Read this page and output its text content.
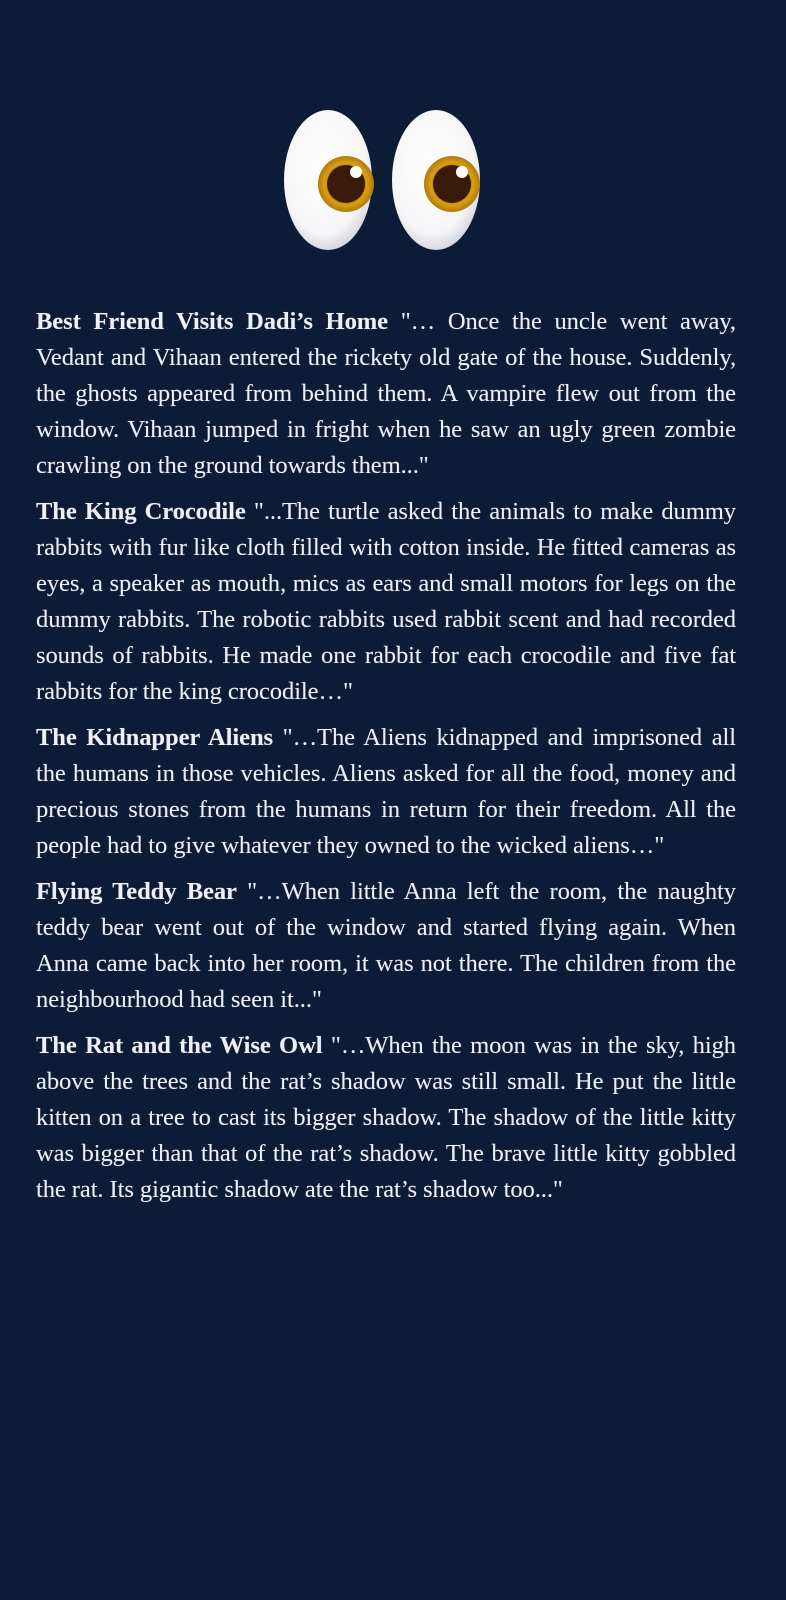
Best Friend Visits Dadi’s Home "… Once the uncle went away, Vedant and Vihaan entered the rickety old gate of the house. Suddenly, the ghosts appeared from behind them. A vampire flew out from the window. Vihaan jumped in fright when he saw an ugly green zombie crawling on the ground towards them..."

The King Crocodile "...The turtle asked the animals to make dummy rabbits with fur like cloth filled with cotton inside. He fitted cameras as eyes, a speaker as mouth, mics as ears and small motors for legs on the dummy rabbits. The robotic rabbits used rabbit scent and had recorded sounds of rabbits. He made one rabbit for each crocodile and five fat rabbits for the king crocodile…"

The Kidnapper Aliens "…The Aliens kidnapped and imprisoned all the humans in those vehicles. Aliens asked for all the food, money and precious stones from the humans in return for their freedom. All the people had to give whatever they owned to the wicked aliens…"

Flying Teddy Bear "…When little Anna left the room, the naughty teddy bear went out of the window and started flying again. When Anna came back into her room, it was not there. The children from the neighbourhood had seen it..."

The Rat and the Wise Owl "…When the moon was in the sky, high above the trees and the rat’s shadow was still small. He put the little kitten on a tree to cast its bigger shadow. The shadow of the little kitty was bigger than that of the rat’s shadow. The brave little kitty gobbled the rat. Its gigantic shadow ate the rat’s shadow too..."
